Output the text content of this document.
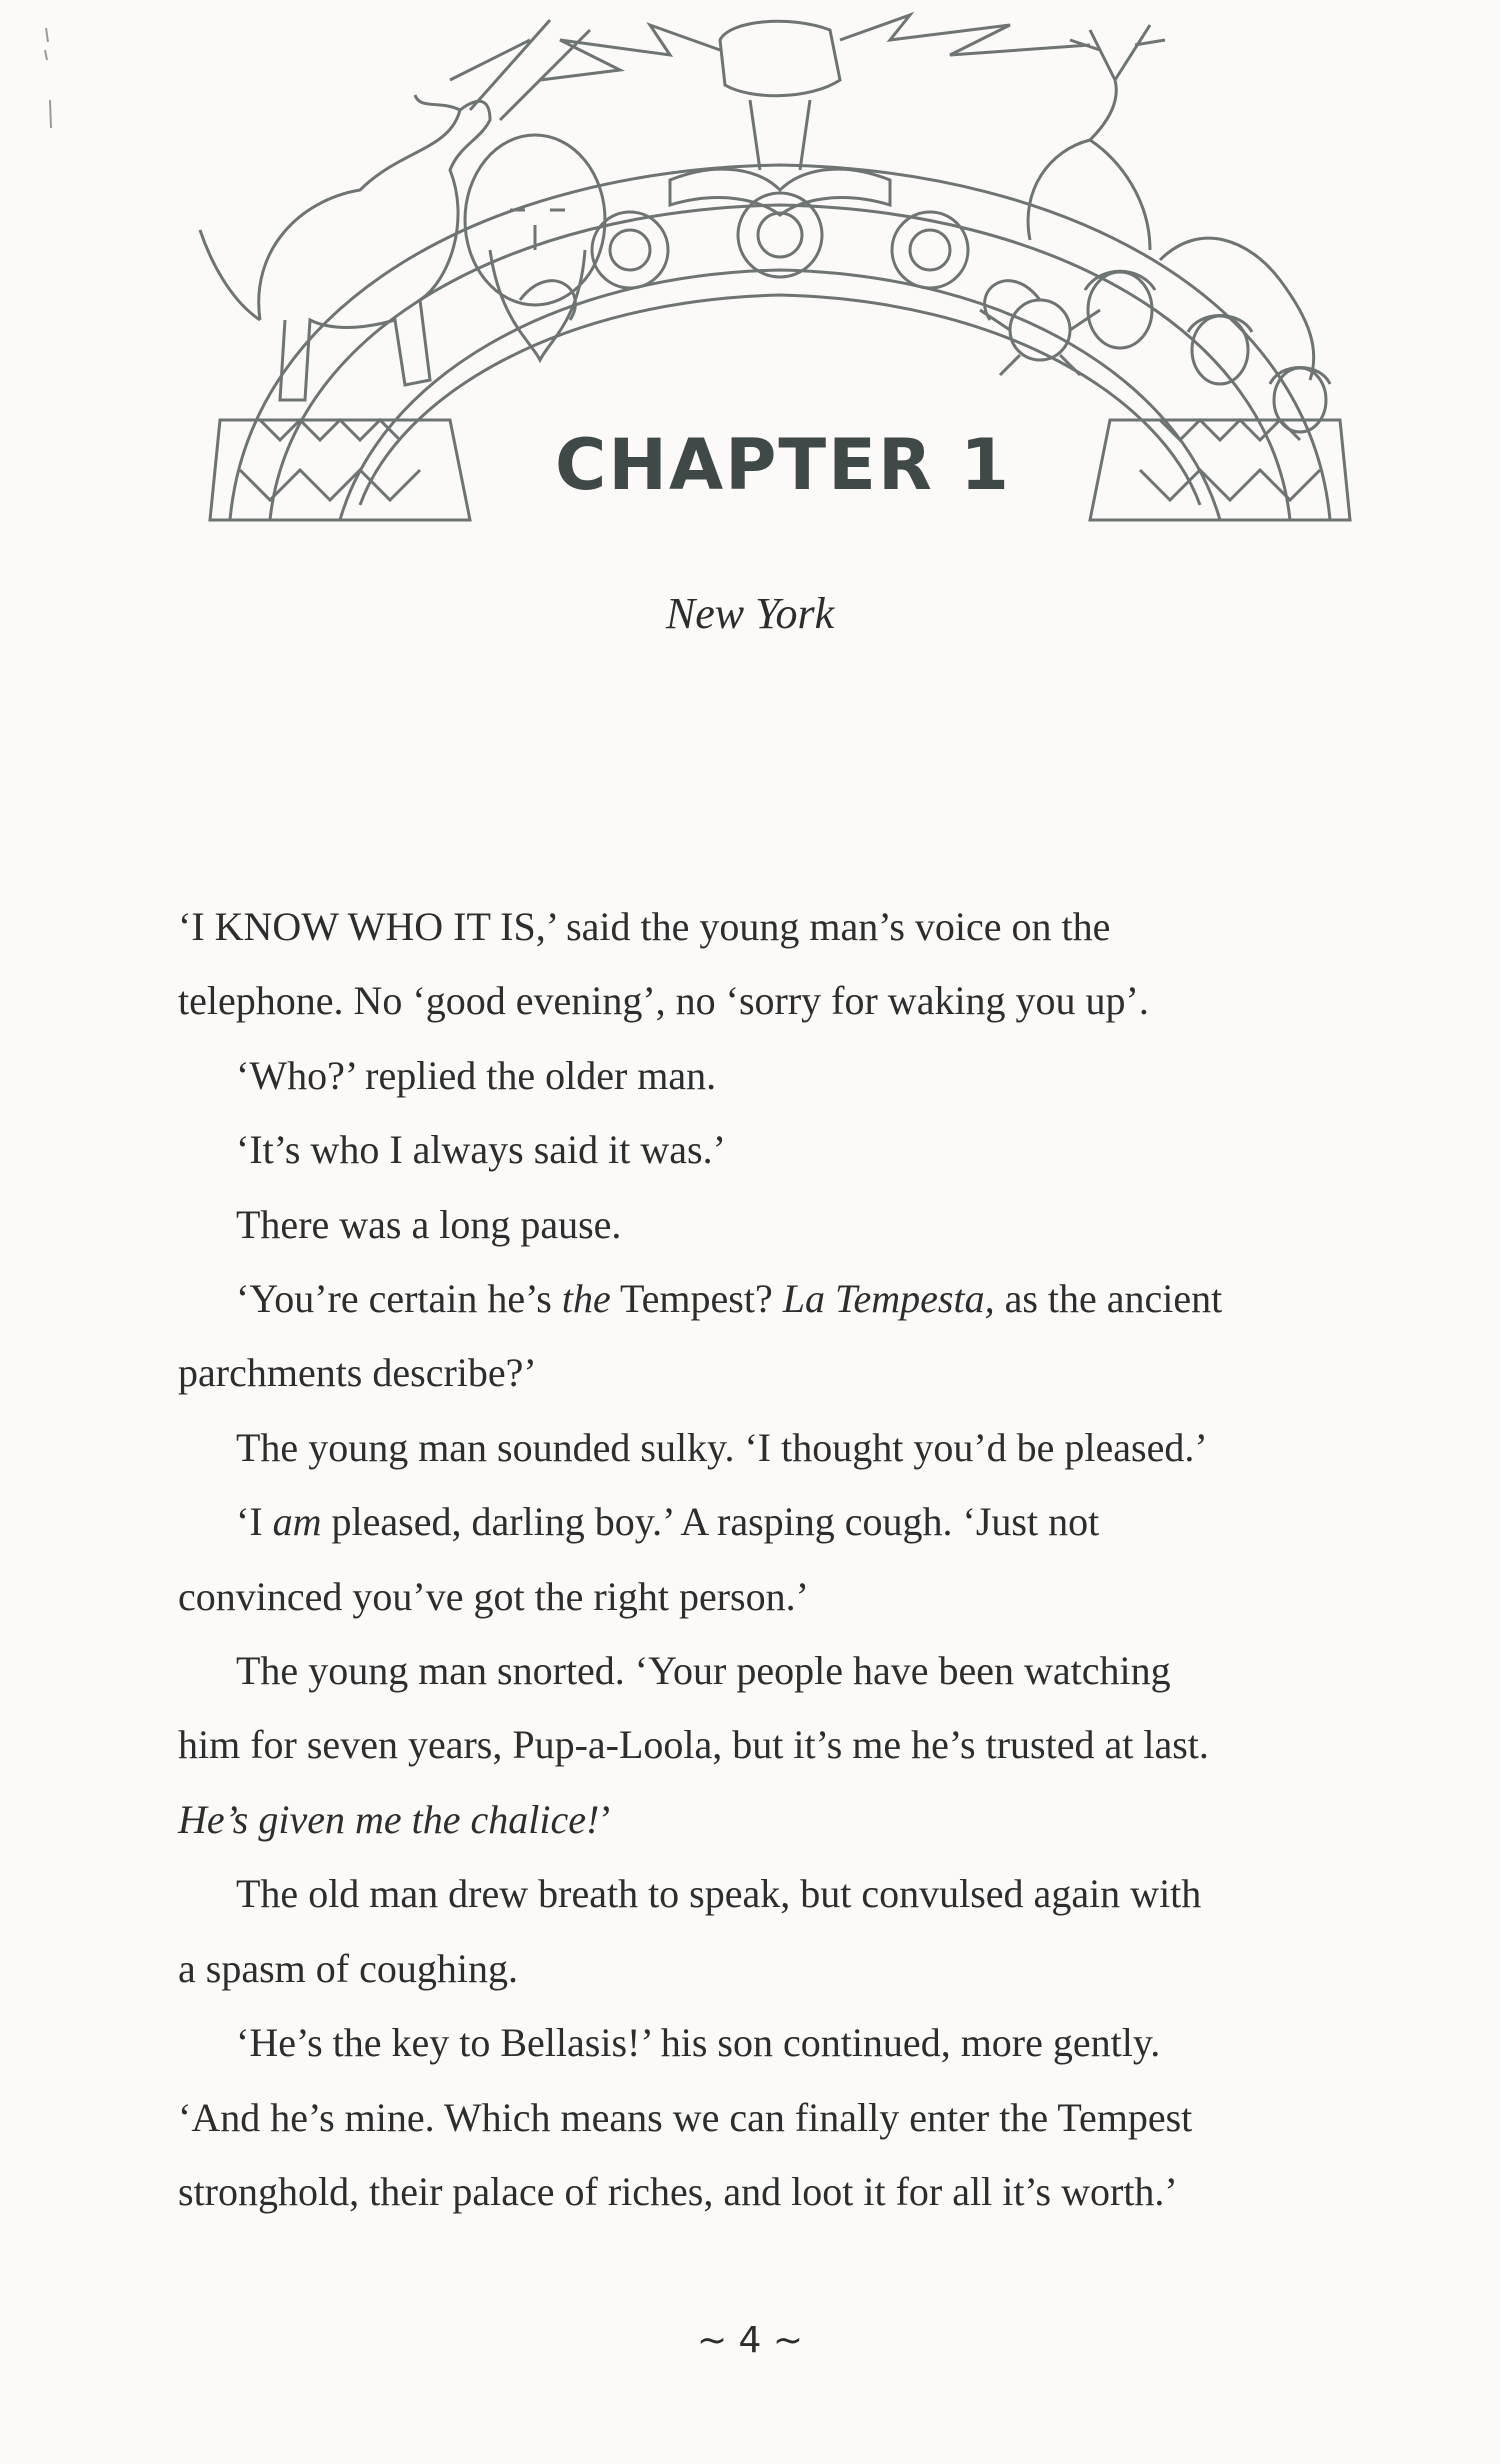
CHAPTER 1
New York

‘I KNOW WHO IT IS,’ said the young man’s voice on the

telephone. No ‘good evening’, no ‘sorry for waking you up’.

‘Who?’ replied the older man.

‘It’s who I always said it was.’

There was a long pause.

‘You’re certain he’s the Tempest? La Tempesta, as the ancient

parchments describe?’

The young man sounded sulky. ‘I thought you’d be pleased.’

‘I am pleased, darling boy.’ A rasping cough. ‘Just not

convinced you’ve got the right person.’

The young man snorted. ‘Your people have been watching

him for seven years, Pup-a-Loola, but it’s me he’s trusted at last.

He’s given me the chalice!’

The old man drew breath to speak, but convulsed again with

a spasm of coughing.

‘He’s the key to Bellasis!’ his son continued, more gently.

‘And he’s mine. Which means we can finally enter the Tempest

stronghold, their palace of riches, and loot it for all it’s worth.’

~ 4 ~
